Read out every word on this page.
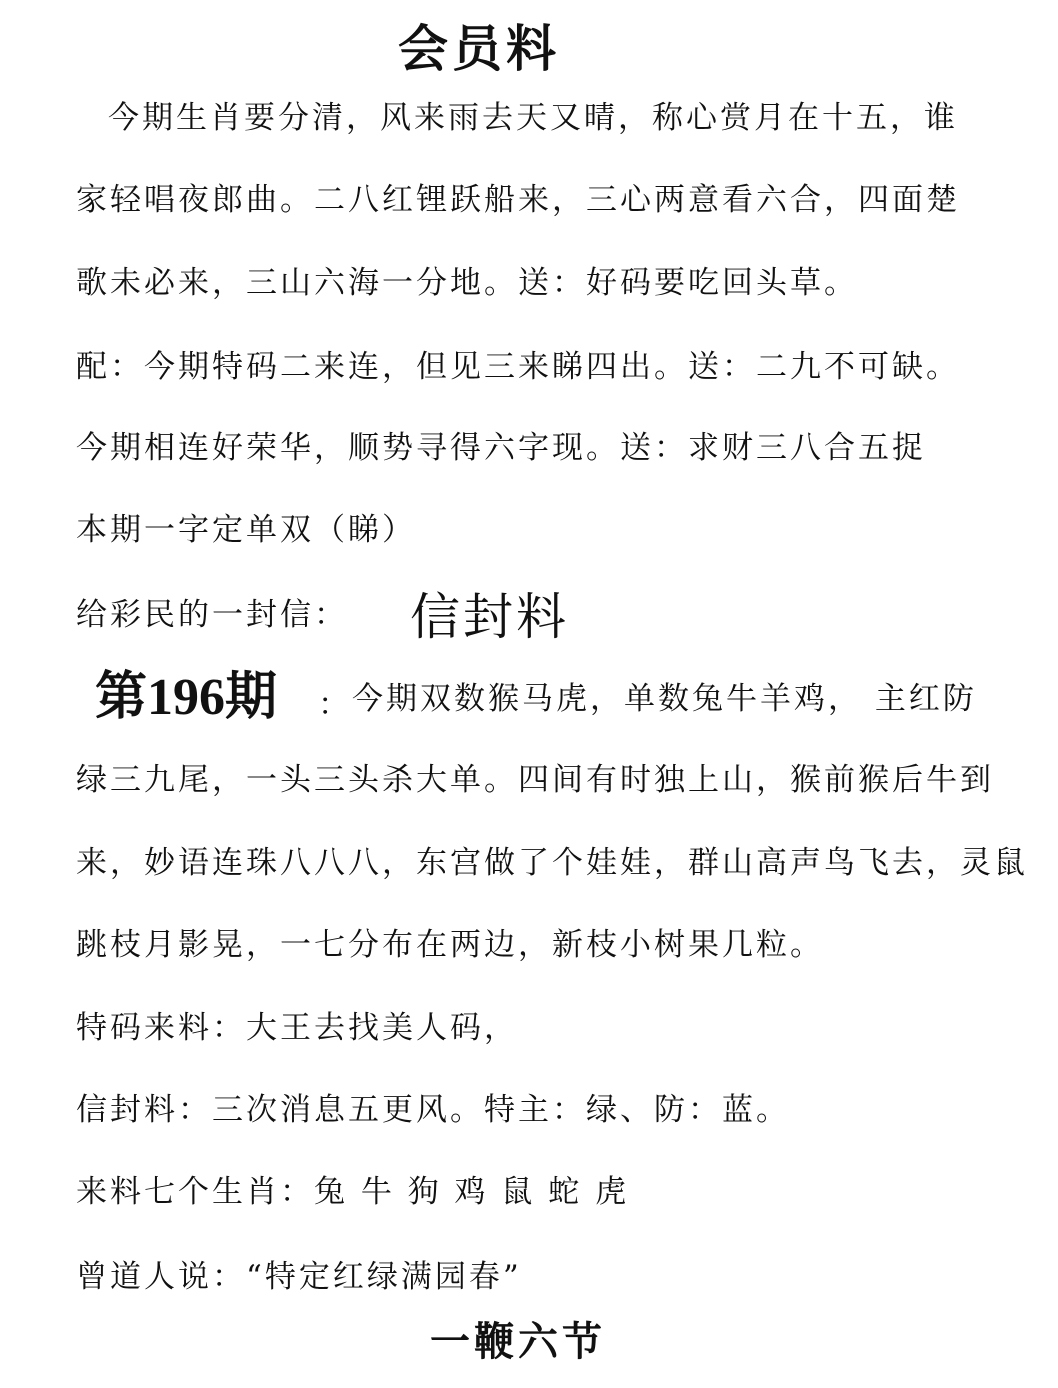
会员料
今期生肖要分清，风来雨去天又晴，称心赏月在十五，谁
家轻唱夜郎曲。二八红锂跃船来，三心两意看六合，四面楚
歌未必来，三山六海一分地。送：好码要吃回头草。
配：今期特码二来连，但见三来睇四出。送：二九不可缺。
今期相连好荣华，顺势寻得六字现。送：求财三八合五捉
本期一字定单双（睇）
给彩民的一封信： 信封料
第196期 ： 今期双数猴马虎，单数兔牛羊鸡， 主红防
绿三九尾，一头三头杀大单。四间有时独上山，猴前猴后牛到
来，妙语连珠八八八，东宫做了个娃娃，群山高声鸟飞去，灵鼠
跳枝月影晃，一七分布在两边，新枝小树果几粒。
特码来料：大王去找美人码，
信封料：三次消息五更风。特主：绿、防：蓝。
来料七个生肖：兔 牛 狗 鸡 鼠 蛇 虎
曾道人说：“特定红绿满园春”
一鞭六节
